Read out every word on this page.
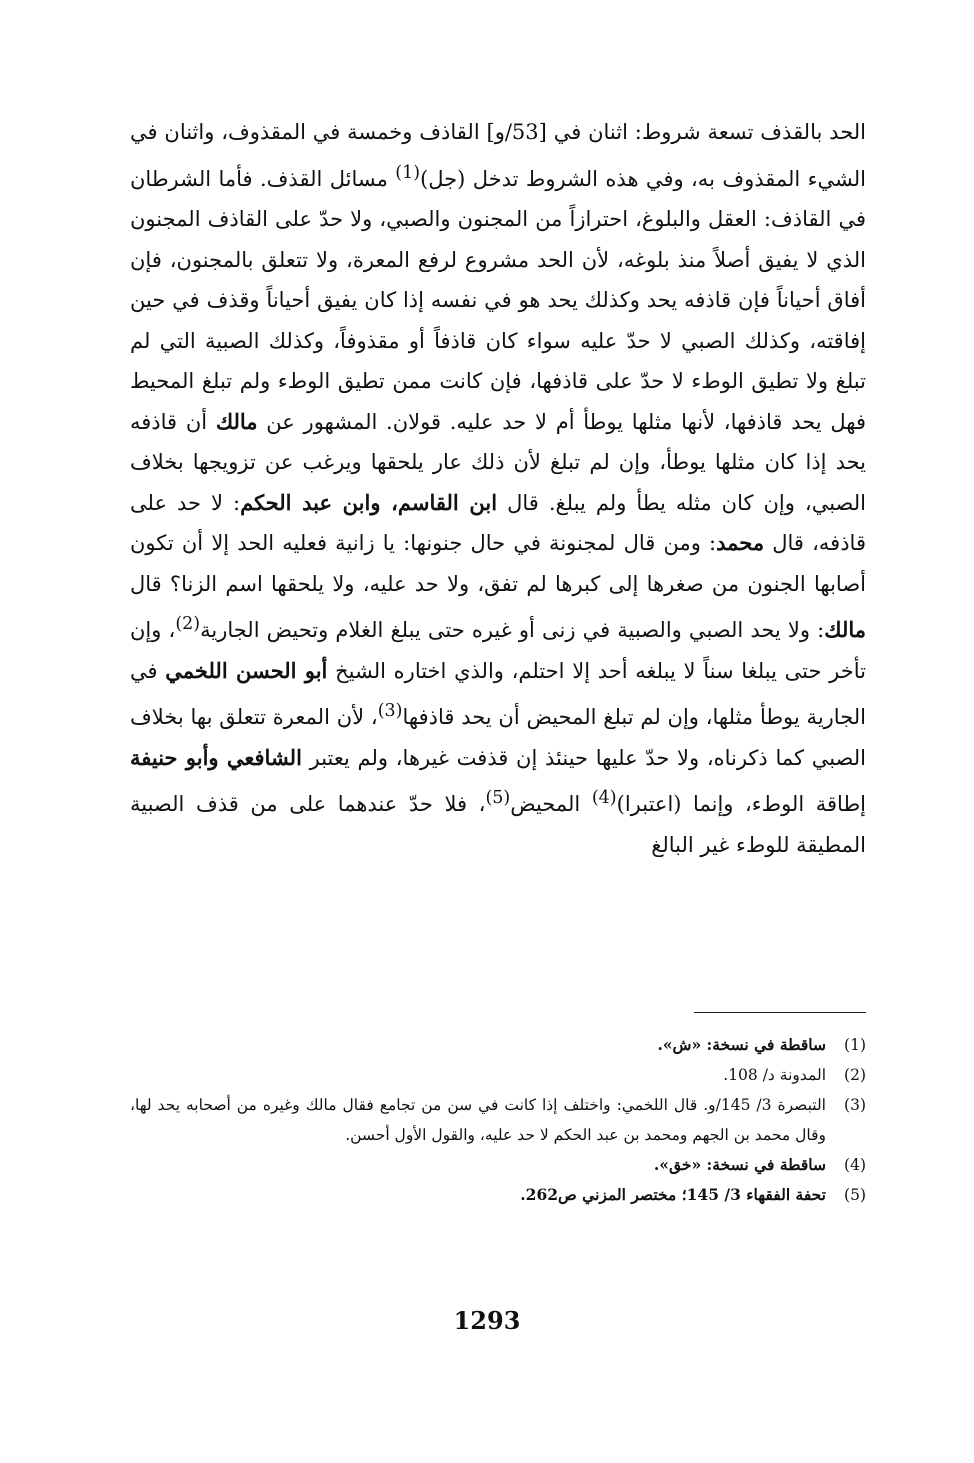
الحد بالقذف تسعة شروط: اثنان في [53/و] القاذف وخمسة في المقذوف، واثنان في الشيء المقذوف به، وفي هذه الشروط تدخل (جل)$^{(1)}$ مسائل القذف. فأما الشرطان في القاذف: العقل والبلوغ، احترازاً من المجنون والصبي، ولا حدّ على القاذف المجنون الذي لا يفيق أصلاً منذ بلوغه، لأن الحد مشروع لرفع المعرة، ولا تتعلق بالمجنون، فإن أفاق أحياناً فإن قاذفه يحد وكذلك يحد هو في نفسه إذا كان يفيق أحياناً وقذف في حين إفاقته، وكذلك الصبي لا حدّ عليه سواء كان قاذفاً أو مقذوفاً، وكذلك الصبية التي لم تبلغ ولا تطيق الوطء لا حدّ على قاذفها، فإن كانت ممن تطيق الوطء ولم تبلغ المحيط فهل يحد قاذفها، لأنها مثلها يوطأ أم لا حد عليه. قولان. المشهور عن مالك أن قاذفه يحد إذا كان مثلها يوطأ، وإن لم تبلغ لأن ذلك عار يلحقها ويرغب عن تزويجها بخلاف الصبي، وإن كان مثله يطأ ولم يبلغ. قال ابن القاسم، وابن عبد الحكم: لا حد على قاذفه، قال محمد: ومن قال لمجنونة في حال جنونها: يا زانية فعليه الحد إلا أن تكون أصابها الجنون من صغرها إلى كبرها لم تفق، ولا حد عليه، ولا يلحقها اسم الزنا؟ قال مالك: ولا يحد الصبي والصبية في زنى أو غيره حتى يبلغ الغلام وتحيض الجارية$^{(2)}$، وإن تأخر حتى يبلغا سناً لا يبلغه أحد إلا احتلم، والذي اختاره الشيخ أبو الحسن اللخمي في الجارية يوطأ مثلها، وإن لم تبلغ المحيض أن يحد قاذفها$^{(3)}$، لأن المعرة تتعلق بها بخلاف الصبي كما ذكرناه، ولا حدّ عليها حينئذ إن قذفت غيرها، ولم يعتبر الشافعي وأبو حنيفة إطاقة الوطء، وإنما (اعتبرا)$^{(4)}$ المحيض$^{(5)}$، فلا حدّ عندهما على من قذف الصبية المطيقة للوطء غير البالغ

(1)
ساقطة في نسخة: «ش».
(2)
المدونة د/ 108.
(3)
التبصرة 3/ 145/و. قال اللخمي: واختلف إذا كانت في سن من تجامع فقال مالك وغيره من أصحابه يحد لها، وقال محمد بن الجهم ومحمد بن عبد الحكم لا حد عليه، والقول الأول أحسن.
(4)
ساقطة في نسخة: «خق».
(5)
تحفة الفقهاء 3/ 145؛ مختصر المزني ص262.
1293
